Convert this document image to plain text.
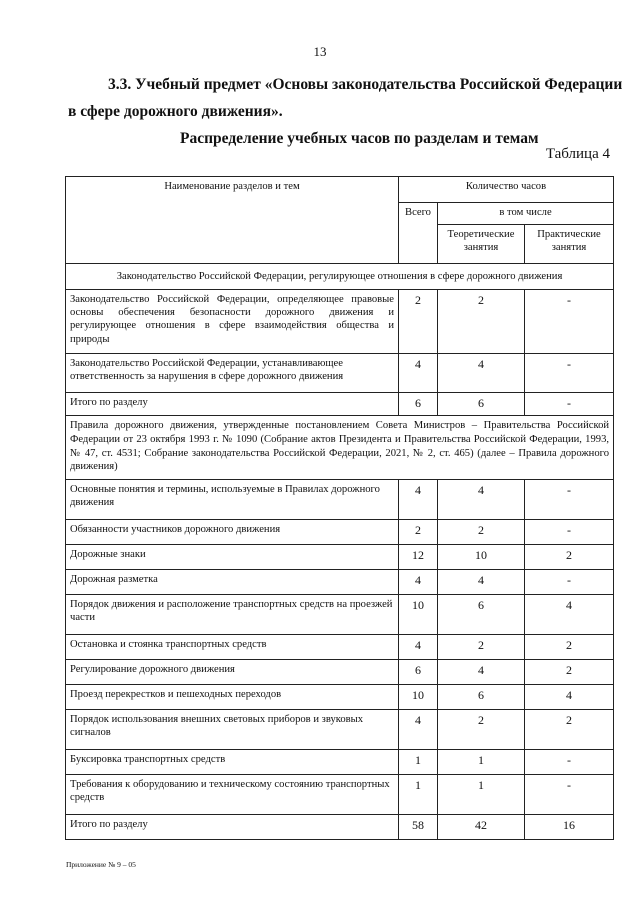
13
3.3. Учебный предмет «Основы законодательства Российской Федерации
в сфере дорожного движения».
Распределение учебных часов по разделам и темам
Таблица 4
Наименование разделов и тем	Количество часов		
	Всего	в том числе	
		Теоретические занятия	Практические занятия
Законодательство Российской Федерации, регулирующее отношения в сфере дорожного движения			
Законодательство Российской Федерации, определяющее правовые основы обеспечения безопасности дорожного движения и регулирующее отношения в сфере взаимодействия общества и природы	2	2	-
Законодательство Российской Федерации, устанавливающее ответственность за нарушения в сфере дорожного движения	4	4	-
Итого по разделу	6	6	-
Правила дорожного движения, утвержденные постановлением Совета Министров – Правительства Российской Федерации от 23 октября 1993 г. № 1090 (Собрание актов Президента и Правительства Российской Федерации, 1993, № 47, ст. 4531; Собрание законодательства Российской Федерации, 2021, № 2, ст. 465) (далее – Правила дорожного движения)			
Основные понятия и термины, используемые в Правилах дорожного движения	4	4	-
Обязанности участников дорожного движения	2	2	-
Дорожные знаки	12	10	2
Дорожная разметка	4	4	-
Порядок движения и расположение транспортных средств на проезжей части	10	6	4
Остановка и стоянка транспортных средств	4	2	2
Регулирование дорожного движения	6	4	2
Проезд перекрестков и пешеходных переходов	10	6	4
Порядок использования внешних световых приборов и звуковых сигналов	4	2	2
Буксировка транспортных средств	1	1	-
Требования к оборудованию и техническому состоянию транспортных средств	1	1	-
Итого по разделу	58	42	16
Приложение № 9 – 05
